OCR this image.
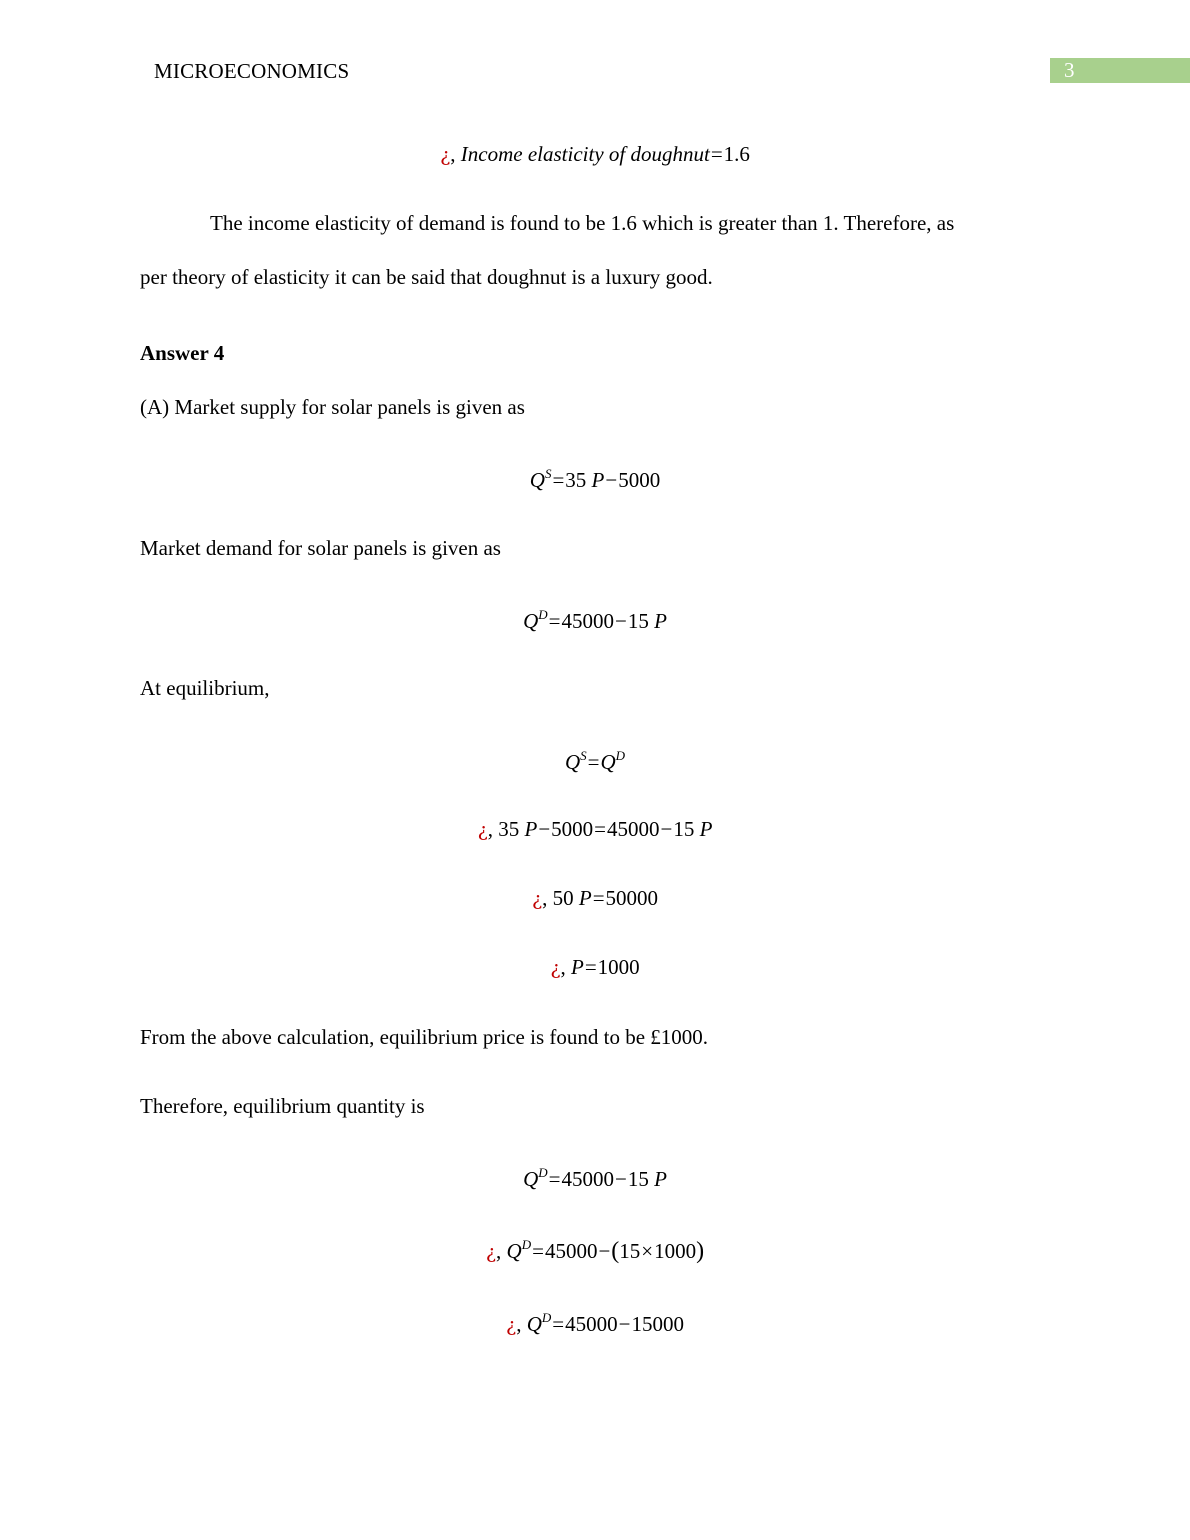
MICROECONOMICS	3
¿, Income elasticity of doughnut=1.6
The income elasticity of demand is found to be 1.6 which is greater than 1. Therefore, as
per theory of elasticity it can be said that doughnut is a luxury good.
Answer 4
(A) Market supply for solar panels is given as
$Q^S=35$ P−5000
Market demand for solar panels is given as
$Q^D=45000-15$ P
At equilibrium,
$Q^S=Q^D$
¿, 35 P−5000=45000−15 P
¿, 50 P=50000
¿, P=1000
From the above calculation, equilibrium price is found to be £1000.
Therefore, equilibrium quantity is
$Q^D=45000-15$ P
¿, $Q^D=45000-(15\times 1000)$
¿, $Q^D=45000-15000$
